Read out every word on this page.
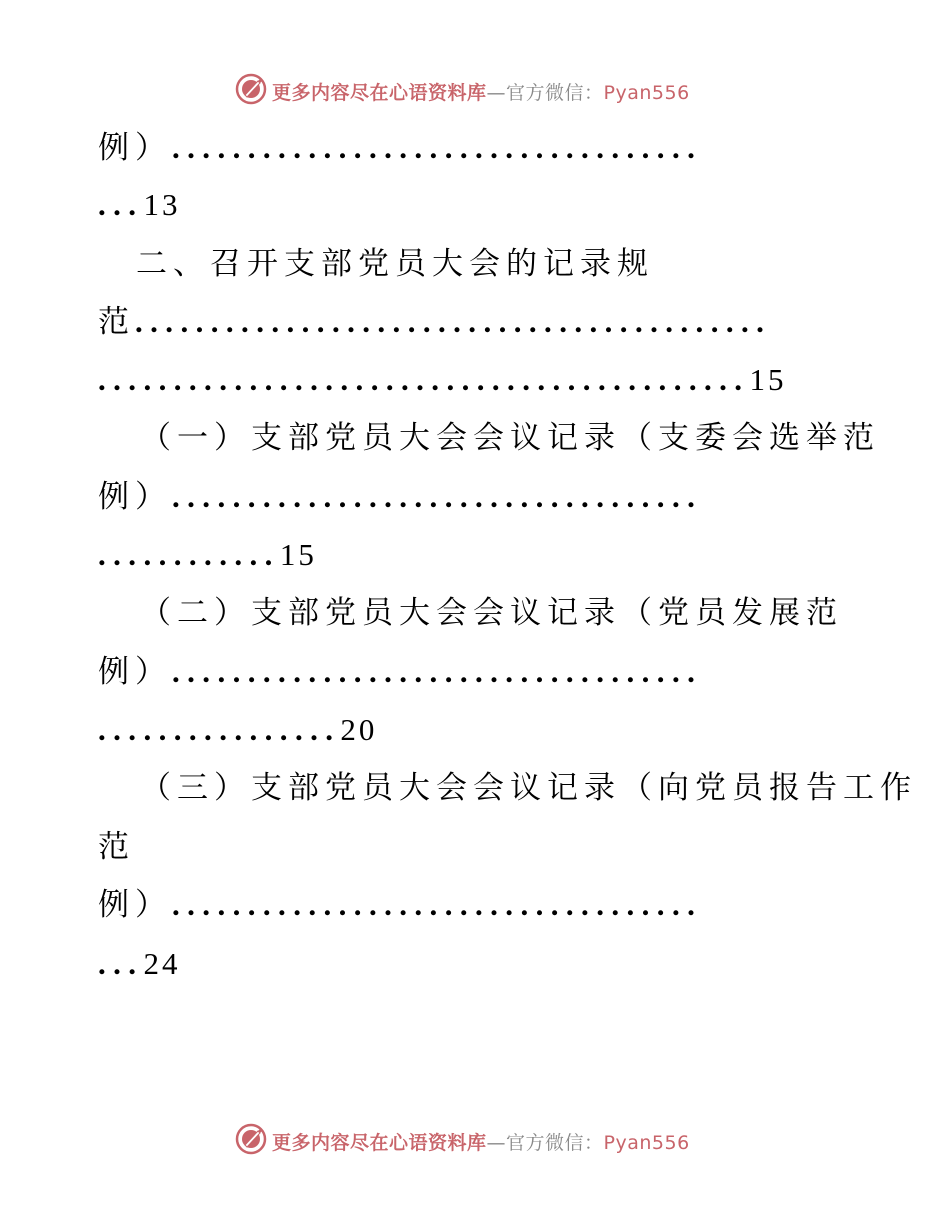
更多内容尽在心语资料库—官方微信：Pyan556
例）...................................
...13
二、召开支部党员大会的记录规
范..........................................
...........................................15
（一）支部党员大会会议记录（支委会选举范
例）...................................
............15
（二）支部党员大会会议记录（党员发展范
例）...................................
................20
（三）支部党员大会会议记录（向党员报告工作
范
例）...................................
...24
更多内容尽在心语资料库—官方微信：Pyan556
